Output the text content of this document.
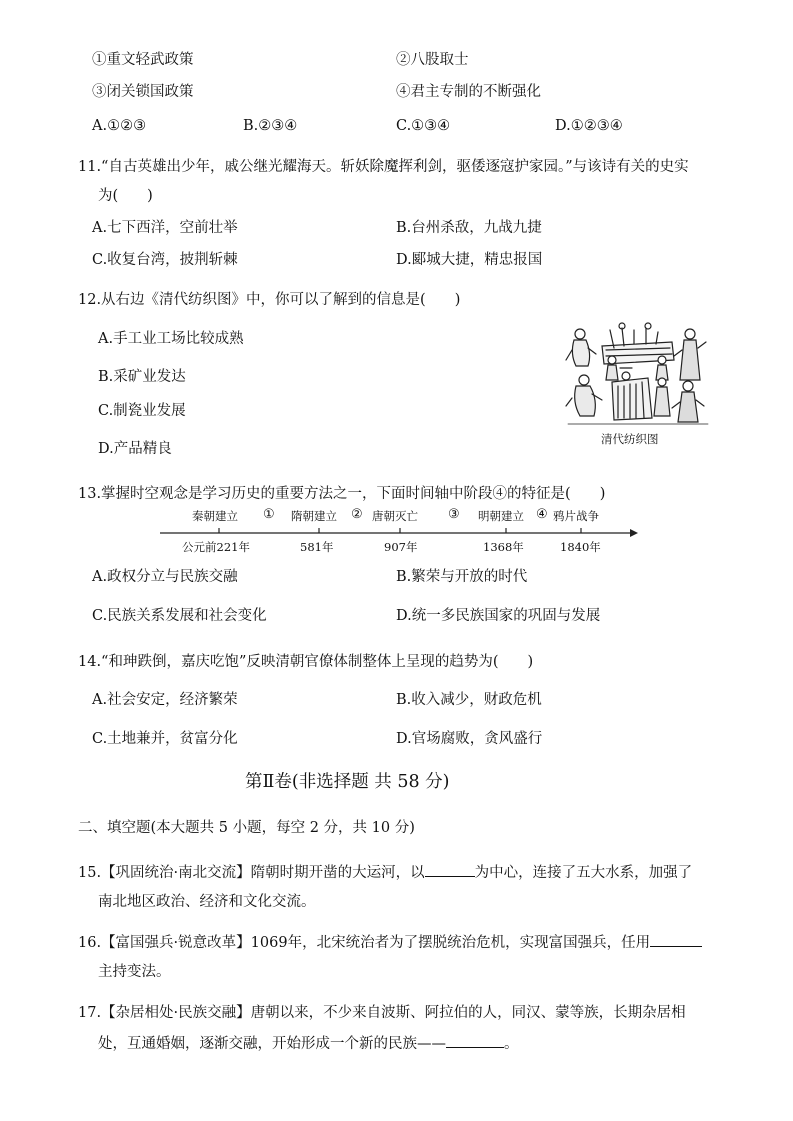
①重文轻武政策	②八股取士
③闭关锁国政策	④君主专制的不断强化
A.①②③	B.②③④	C.①③④	D.①②③④
11.“自古英雄出少年，戚公继光耀海天。斩妖除魔挥利剑，驱倭逐寇护家园。”与该诗有关的史实
为(　　)
A.七下西洋，空前壮举	B.台州杀敌，九战九捷
C.收复台湾，披荆斩棘	D.郾城大捷，精忠报国
12.从右边《清代纺织图》中，你可以了解到的信息是(　　)
A.手工业工场比较成熟
B.采矿业发达
C.制瓷业发展
D.产品精良
清代纺织图
13.掌握时空观念是学习历史的重要方法之一，下面时间轴中阶段④的特征是(　　)
秦朝建立 ① 隋朝建立 ② 唐朝灭亡 ③ 明朝建立 ④ 鸦片战争
公元前221年	581年	907年	1368年	1840年
A.政权分立与民族交融	B.繁荣与开放的时代
C.民族关系发展和社会变化	D.统一多民族国家的巩固与发展
14.“和珅跌倒，嘉庆吃饱”反映清朝官僚体制整体上呈现的趋势为(　　)
A.社会安定，经济繁荣	B.收入减少，财政危机
C.土地兼并，贫富分化	D.官场腐败，贪风盛行
第Ⅱ卷(非选择题 共 58 分)
二、填空题(本大题共 5 小题，每空 2 分，共 10 分)
15.【巩固统治·南北交流】隋朝时期开凿的大运河，以	为中心，连接了五大水系，加强了
南北地区政治、经济和文化交流。
16.【富国强兵·锐意改革】1069年，北宋统治者为了摆脱统治危机，实现富国强兵，任用
主持变法。
17.【杂居相处·民族交融】唐朝以来，不少来自波斯、阿拉伯的人，同汉、蒙等族，长期杂居相
处，互通婚姻，逐渐交融，开始形成一个新的民族——	。
